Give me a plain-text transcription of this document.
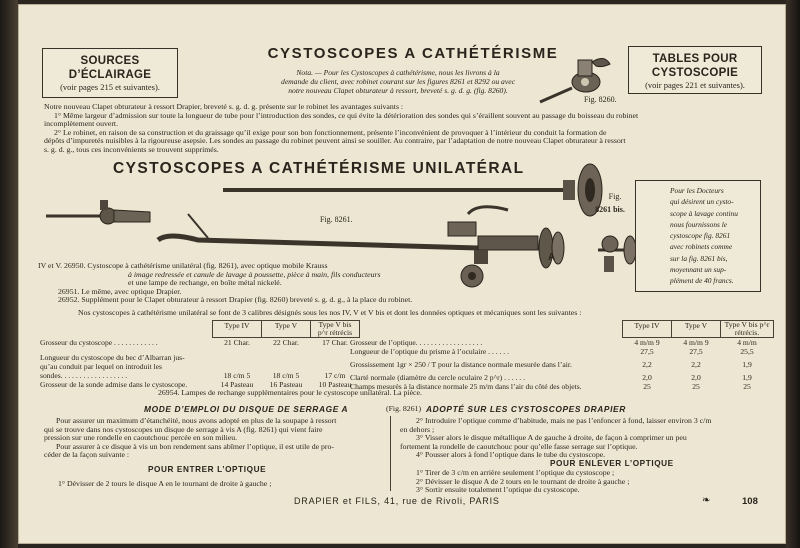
SOURCES
D’ÉCLAIRAGE
(voir pages 215 et suivantes).
TABLES POUR
CYSTOSCOPIE
(voir pages 221 et suivantes).
CYSTOSCOPES A CATHÉTÉRISME
Nota. — Pour les Cystoscopes à cathétérisme, nous les livrons à la
demande du client, avec robinet courant sur les figures 8261 et 8292 ou avec
notre nouveau Clapet obturateur à ressort, breveté s. g. d. g. (fig. 8260).
Fig. 8260.
Notre nouveau Clapet obturateur à ressort Drapier, breveté s. g. d. g. présente sur le robinet les avantages suivants :
1° Même largeur d’admission sur toute la longueur de tube pour l’introduction des sondes, ce qui évite la détérioration des sondes qui s’éraillent souvent au passage du boisseau du robinet
incomplètement ouvert.
2° Le robinet, en raison de sa construction et du graissage qu’il exige pour son bon fonctionnement, présente l’inconvénient de provoquer à l’intérieur du conduit la formation de
dépôts d’impuretés nuisibles à la rigoureuse asepsie. Les sondes au passage du robinet peuvent ainsi se souiller. Au contraire, par l’adaptation de notre nouveau Clapet obturateur à ressort
s. g. d. g., tous ces inconvénients se trouvent supprimés.
CYSTOSCOPES A CATHÉTÉRISME UNILATÉRAL
Fig. 8261.
A
Fig.
8261 bis.
Pour les Docteurs
qui désirent un cysto-
scope à lavage continu
nous fournissons le
cystoscope fig. 8261
avec robinets comme
sur la fig. 8261 bis,
moyennant un sup-
plément de 40 francs.
IV et V. 26950. Cystoscope à cathétérisme unilatéral (fig. 8261), avec optique mobile Krauss
à image redressée et canule de lavage à poussette, pièce à main, fils conducteurs
et une lampe de rechange, en boîte métal nickelé.
26951. Le même, avec optique Drapier.
26952. Supplément pour le Clapet obturateur à ressort Drapier (fig. 8260) breveté s. g. d. g., à la place du robinet.
Nos cystoscopes à cathétérisme unilatéral se font de 3 calibres désignés sous les nos IV, V et V bis et dont les données optiques et mécaniques sont les suivantes :
	Type IV	Type V	Type V bis p^r rétrécis
Grosseur du cystoscope . . . . . . . . . . . .	21 Char.	22 Char.	17 Char.
Longueur du cystoscope du bec d’Albarran jus-			
qu’au conduit par lequel on introduit les			
sondes. . . . . . . . . . . . . . . . . .	18 c/m 5	18 c/m 5	17 c/m
Grosseur de la sonde admise dans le cystoscope.	14 Pasteau	16 Pasteau	10 Pasteau
	Type IV	Type V	Type V bis p^r rétrécis.
Grosseur de l’optique. . . . . . . . . . . . . . . . . .	4 m/m 9	4 m/m 9	4 m/m
Longueur de l’optique du prisme à l’oculaire . . . . . .	27,5	27,5	25,5
Grossissement 1gr × 250 / T pour la distance normale mesurée dans l’air.	2,2	2,2	1,9
Clarté normale (diamètre du cercle oculaire 2 p^r) . . . . . .	2,0	2,0	1,9
Champs mesurés à la distance normale 25 m/m dans l’air du côté des objets.	25	25	25
26954. Lampes de rechange supplémentaires pour le cystoscope unilatéral. La pièce.
MODE D’EMPLOI DU DISQUE DE SERRAGE A	(Fig. 8261) ADOPTÉ SUR LES CYSTOSCOPES DRAPIER
Pour assurer un maximum d’étanchéité, nous avons adopté en plus de la soupape à ressort
qui se trouve dans nos cystoscopes un disque de serrage à vis A (fig. 8261) qui vient faire
pression sur une rondelle en caoutchouc percée en son milieu.
Pour assurer à ce disque à vis un bon rendement sans abîmer l’optique, il est utile de pro-
céder de la façon suivante :
POUR ENTRER L’OPTIQUE
1° Dévisser de 2 tours le disque A en le tournant de droite à gauche ;
2° Introduire l’optique comme d’habitude, mais ne pas l’enfoncer à fond, laisser environ 3 c/m
en dehors ;
3° Visser alors le disque métallique A de gauche à droite, de façon à comprimer un peu
fortement la rondelle de caoutchouc pour qu’elle fasse serrage sur l’optique.
4° Pousser alors à fond l’optique dans le tube du cystoscope.
POUR ENLEVER L’OPTIQUE
1° Tirer de 3 c/m en arrière seulement l’optique du cystoscope ;
2° Dévisser le disque A de 2 tours en le tournant de droite à gauche ;
3° Sortir ensuite totalement l’optique du cystoscope.
DRAPIER et FILS, 41, rue de Rivoli, PARIS	❧	108
